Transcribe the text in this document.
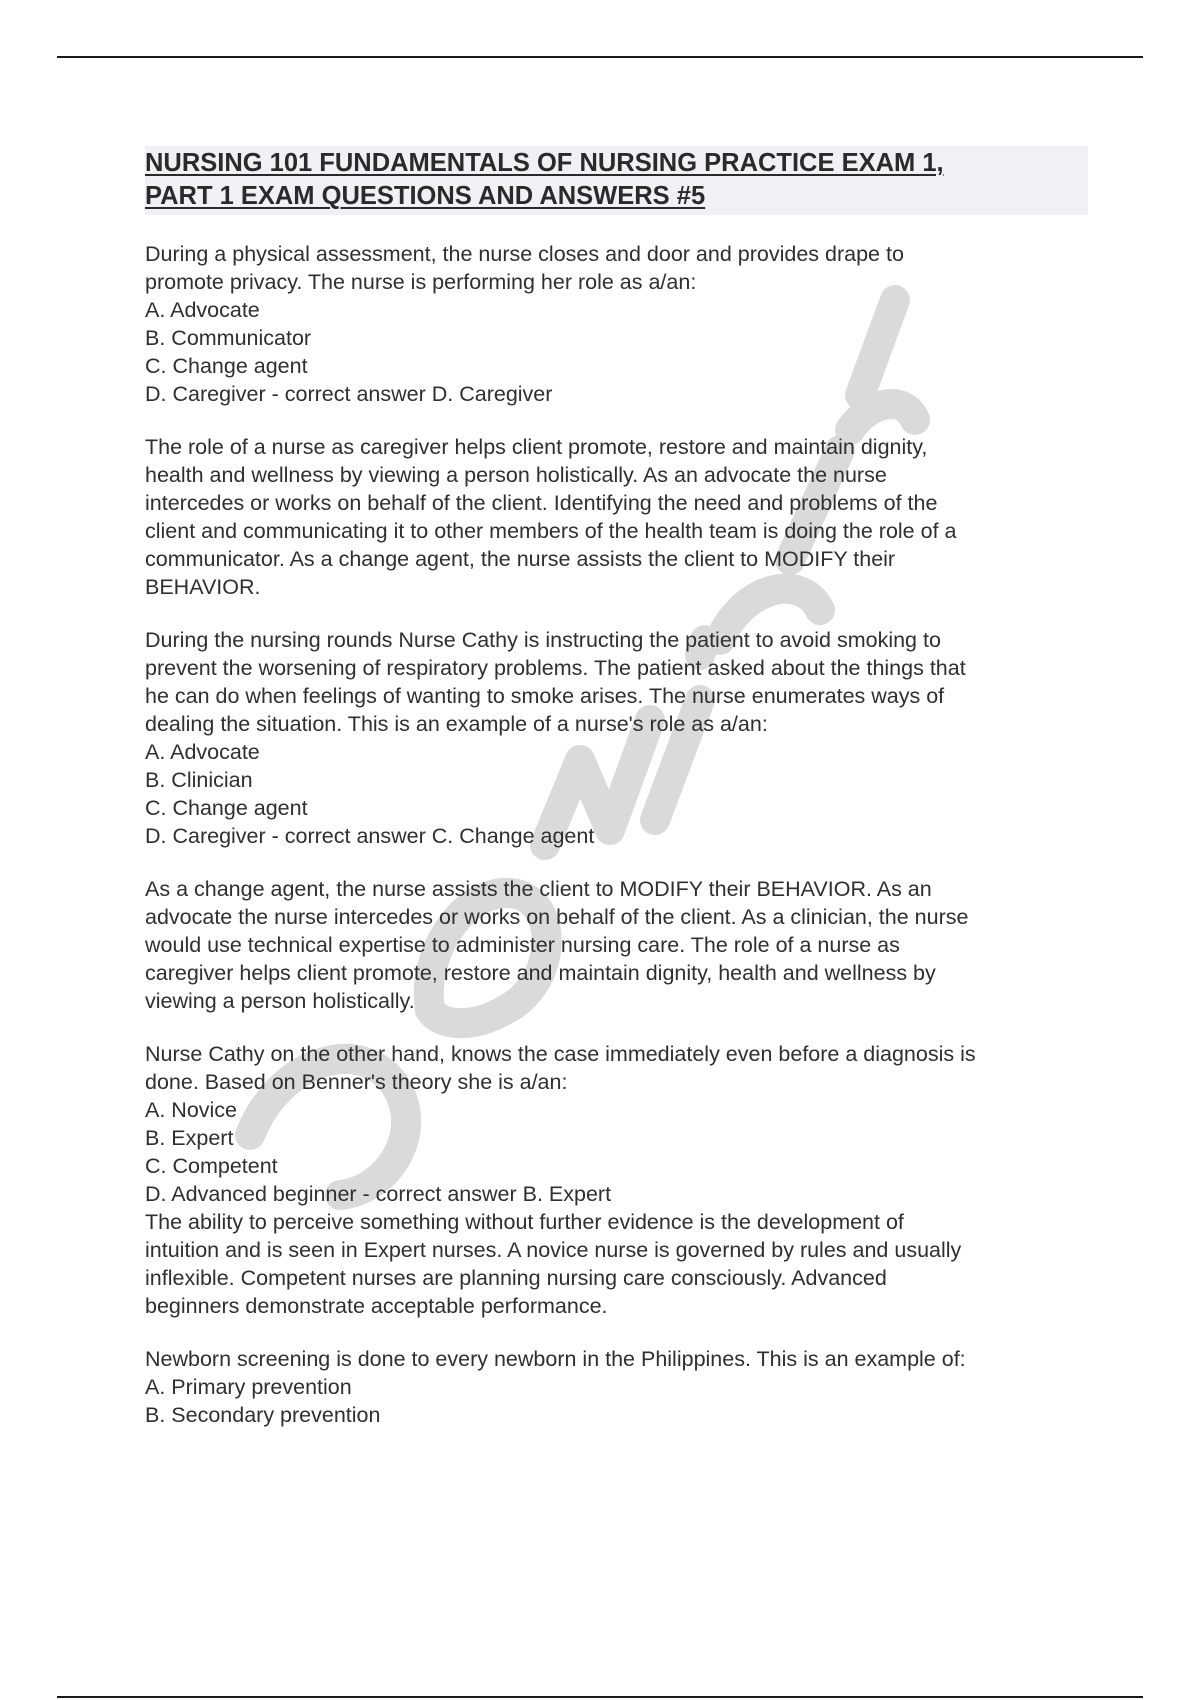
NURSING 101 FUNDAMENTALS OF NURSING PRACTICE EXAM 1,
PART 1 EXAM QUESTIONS AND ANSWERS #5
During a physical assessment, the nurse closes and door and provides drape to
promote privacy. The nurse is performing her role as a/an:
A. Advocate
B. Communicator
C. Change agent
D. Caregiver - correct answer D. Caregiver
The role of a nurse as caregiver helps client promote, restore and maintain dignity,
health and wellness by viewing a person holistically. As an advocate the nurse
intercedes or works on behalf of the client. Identifying the need and problems of the
client and communicating it to other members of the health team is doing the role of a
communicator. As a change agent, the nurse assists the client to MODIFY their
BEHAVIOR.
During the nursing rounds Nurse Cathy is instructing the patient to avoid smoking to
prevent the worsening of respiratory problems. The patient asked about the things that
he can do when feelings of wanting to smoke arises. The nurse enumerates ways of
dealing the situation. This is an example of a nurse's role as a/an:
A. Advocate
B. Clinician
C. Change agent
D. Caregiver - correct answer C. Change agent
As a change agent, the nurse assists the client to MODIFY their BEHAVIOR. As an
advocate the nurse intercedes or works on behalf of the client. As a clinician, the nurse
would use technical expertise to administer nursing care. The role of a nurse as
caregiver helps client promote, restore and maintain dignity, health and wellness by
viewing a person holistically.
Nurse Cathy on the other hand, knows the case immediately even before a diagnosis is
done. Based on Benner's theory she is a/an:
A. Novice
B. Expert
C. Competent
D. Advanced beginner - correct answer B. Expert
The ability to perceive something without further evidence is the development of
intuition and is seen in Expert nurses. A novice nurse is governed by rules and usually
inflexible. Competent nurses are planning nursing care consciously. Advanced
beginners demonstrate acceptable performance.
Newborn screening is done to every newborn in the Philippines. This is an example of:
A. Primary prevention
B. Secondary prevention
